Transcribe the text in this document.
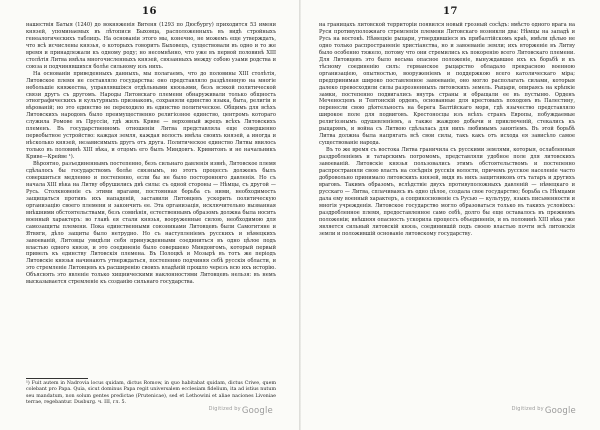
16

нашествія Батыя (1240) до вокняженія Витеня (1293 по Дюсбургу) приходится 53 имени князей, упоминаемых въ лѣтописи Быховца, расположенныхъ въ видѣ стройныхъ генеалогическихъ таблицъ. На основаніи этого мы, конечно, не можемъ еще утверждать, что всѣ исчислены князья, о которыхъ говоритъ Быховецъ, существовали въ одно и то же время и принадлежали къ одному роду; но несомнѣнно, что уже въ первой половинѣ XIII столѣтія Литва имѣла многочисленныхъ князей, связанныхъ между собою узами родства и союза и подчинявшихся болѣе сильному изъ нихъ.

На основаніи приведенныхъ данныхъ, мы полагаемъ, что до половины XIII столѣтія, Литовское племя не составляло государства: оно представляло раздѣленную на многіе небольшіе княжества, управлявшіяся отдѣльными князьями, безъ всякой политической связи другъ съ другомъ. Народы Литовскаго племени обнаруживали только общность этнографическихъ и культурныхъ признаковъ, сохраняли единство языка, быта, религіи и вѣрованій; но это единство не переходило въ единство политическое. Общимъ для всѣхъ Литовскихъ народовъ было преимущественно религіозное единство, центромъ котораго служила Ромове въ Пруссіи, гдѣ жилъ Криве — верховный жрецъ всѣхъ Литовскихъ племенъ. Въ государственномъ отношеніи Литва представляла еще совершенно первобытное устройство: каждая земля, каждая волость имѣла своихъ князей, а иногда и нѣсколько князей, независимыхъ другъ отъ друга. Политическое единство Литвы явилось только въ половинѣ XIII вѣка, и отцомъ его былъ Миндовгъ. Кривитонъ и не начальникъ Криве—Крейве ¹).

Вѣроятно, разъединеннымъ постепенно, безъ сильнаго давленія извнѣ, Литовское племя сдѣлалось бы государствомъ болѣе связнымъ, но этотъ процессъ долженъ былъ совершиться медленно и постепенно, если бы не было посторонняго давленія. Но съ начала XIII вѣка на Литву обрушились двѣ силы: съ одной стороны — Нѣмцы, съ другой — Русь. Столкновеніе съ этими врагами, постоянная борьба съ ними, необходимость защищаться противъ ихъ нападеній, заставили Литовцевъ ускорить политическую организацію своего племени и закончить ее. Эта организація, исключительно вызванная внѣшними обстоятельствами, безъ сомнѣнія, естественнымъ образомъ должна была носить военный характеръ: во главѣ ея стали князья, вооруженные силою, необходимою для самозащиты племени. Пока единственными союзниками Литовцевъ были Самогитяне и Ятвяги, дѣло защиты было нетрудно. Но съ наступленіемъ русскихъ и нѣмецкихъ завоеваній, Литовцы увидѣли себя принужденными соединиться въ одно цѣлое подъ властью одного князя, и это соединеніе было совершено Миндовгомъ, который первый привелъ къ единству Литовскія племена. Въ Полоцкѣ и Мозырѣ въ тотъ же періодъ Литовскіе князья начинаютъ утверждаться, постепенно подчиняя себѣ русскія области, и это стремленіе Литовцевъ къ расширенію своихъ владѣній прошло черезъ всю ихъ исторію. Объяснять это явленіе только хищническими наклонностями Литовцевъ нельзя: въ немъ высказывается стремленіе къ созданію сильнаго государства.

¹) Fuit autem in Nadrovia locus quidam, dictus Romow, in quo habitabat quidam, dictus Criwe, quem colebant pro Papa. Quia, sicut dominus Papa regit universalem ecclesiam fidelium, ita ad istius nutum seu mandatum, non solum gentes predictae (Prutenicae), sed et Lethowini et aliae naciones Livoniae terrae, regebantur. Dusburg. ч. III, гл. 5.
$^{Digitized by}$Google
17

на границахъ литовской территоріи появился новый грозный сосѣдъ: вмѣсто одного врага на Руси противуположнаго стремленія племени Литовскаго возникли два: Нѣмцы на западѣ и Русь на востокѣ. Нѣмецкіе рыцари, утвердившіеся въ прибалтійскомъ краѣ, имѣли цѣлью не одно только распространеніе христіанства, но и завоеваніе земли; ихъ вторженіе въ Литву было особенно тяжело, потому что они стремились къ покоренію всего Литовскаго племени. Для Литовцевъ это было весьма опасное положеніе, вынуждавшее ихъ къ борьбѣ и къ тѣсному соединенію силъ: германское рыцарство обладало прекрасною военною организаціею, опытностью, вооруженіемъ и поддержкою всего католическаго міра; предпринимая широко поставленное завоеваніе, оно могло располагать силами, которыя далеко превосходили силы разрозненныхъ литовскихъ земель. Рыцари, опираясь на крѣпкіе замки, постепенно подвигались внутрь страны и обращали ее въ пустыню. Орденъ Меченосцевъ и Тевтонскій орденъ, основанные для крестовыхъ походовъ въ Палестину, перенесли свою дѣятельность на берега Балтійскаго моря, гдѣ язычество представляло широкое поле для подвиговъ. Крестоносцы изъ всѣхъ странъ Европы, побуждаемые религіознымъ одушевленіемъ, а также жаждою добычи и приключеній, стекались къ рыцарямъ, и война съ Литвою сдѣлалась для нихъ любимымъ занятіемъ. Въ этой борьбѣ Литва должна была напрягать всѣ свои силы, такъ какъ отъ исхода ея зависѣло самое существованіе народа.

Въ то же время съ востока Литва граничила съ русскими землями, которыя, ослабленныя раздробленіемъ и татарскимъ погромомъ, представляли удобное поле для литовскихъ завоеваній. Литовскіе князья пользовались этимъ обстоятельствомъ и постепенно распространяли свою власть на сосѣднія русскія волости, причемъ русское населеніе часто добровольно принимало литовскихъ князей, видя въ нихъ защитниковъ отъ татаръ и другихъ враговъ. Такимъ образомъ, вслѣдствіе двухъ противуположныхъ давленій — нѣмецкаго и русскаго — Литва, сплачиваясь въ одно цѣлое, создала свое государство; борьба съ Нѣмцами дала ему военный характеръ, а соприкосновеніе съ Русью — культуру, языкъ письменности и многія учрежденія. Литовское государство могло образоваться только въ такихъ условіяхъ: раздробленное племя, предоставленное само себѣ, долго бы еще оставалось въ прежнемъ положеніи; внѣшняя опасность ускорила процессъ объединенія, и въ половинѣ XIII вѣка уже является сильный литовскій князь, соединившій подъ своею властью почти всѣ литовскія земли и положившій основаніе литовскому государству.

$^{Digitized by}$Google
